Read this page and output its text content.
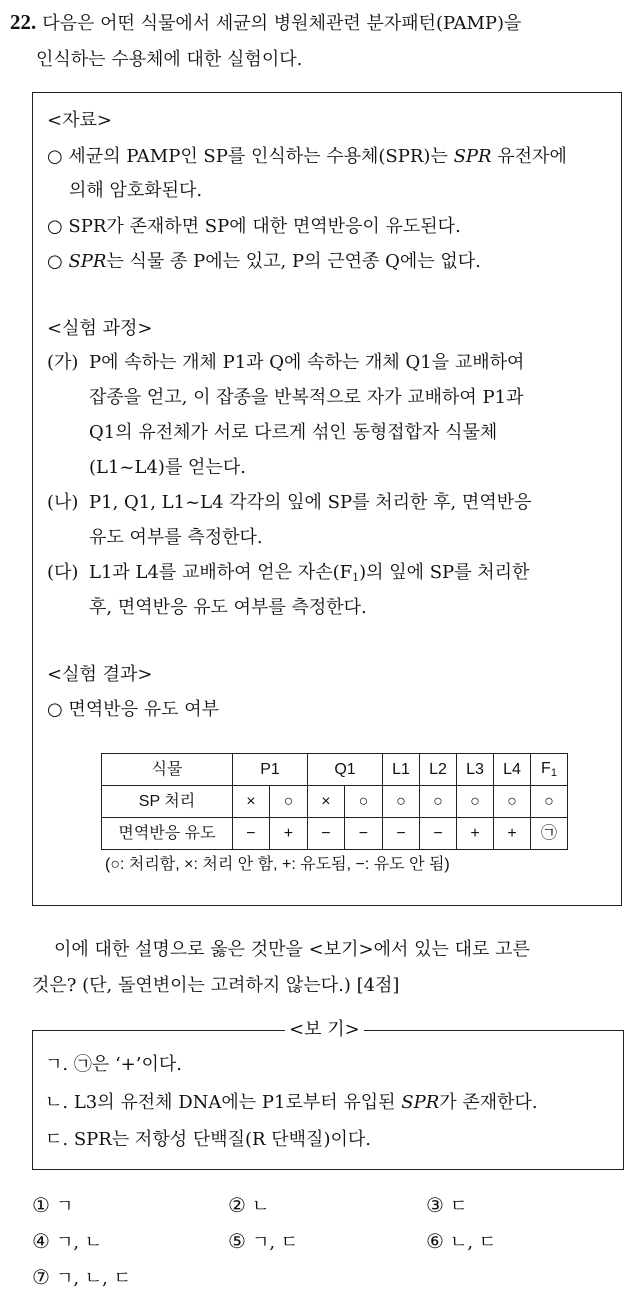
22. 다음은 어떤 식물에서 세균의 병원체관련 분자패턴(PAMP)을
인식하는 수용체에 대한 실험이다.
<자료>
○ 세균의 PAMP인 SP를 인식하는 수용체(SPR)는 SPR 유전자에
의해 암호화된다.
○ SPR가 존재하면 SP에 대한 면역반응이 유도된다.
○ SPR는 식물 종 P에는 있고, P의 근연종 Q에는 없다.
<실험 과정>
(가) P에 속하는 개체 P1과 Q에 속하는 개체 Q1을 교배하여
잡종을 얻고, 이 잡종을 반복적으로 자가 교배하여 P1과
Q1의 유전체가 서로 다르게 섞인 동형접합자 식물체
(L1~L4)를 얻는다.
(나) P1, Q1, L1~L4 각각의 잎에 SP를 처리한 후, 면역반응
유도 여부를 측정한다.
(다) L1과 L4를 교배하여 얻은 자손$(F_1)$의 잎에 SP를 처리한
후, 면역반응 유도 여부를 측정한다.
<실험 결과>
○ 면역반응 유도 여부
식물	P1		Q1		L1	L2	L3	L4	$F_1$
SP 처리	×	○	×	○	○	○	○	○	○
면역반응 유도	−	+	−	−	−	−	+	+	㉠
(○: 처리함, ×: 처리 안 함, +: 유도됨, −: 유도 안 됨)
이에 대한 설명으로 옳은 것만을 <보기>에서 있는 대로 고른
것은? (단, 돌연변이는 고려하지 않는다.) [4점]
<보 기>
ㄱ. ㉠은 ‘+’이다.
ㄴ. L3의 유전체 DNA에는 P1로부터 유입된 SPR가 존재한다.
ㄷ. SPR는 저항성 단백질(R 단백질)이다.
① ㄱ	② ㄴ	③ ㄷ
④ ㄱ, ㄴ	⑤ ㄱ, ㄷ	⑥ ㄴ, ㄷ
⑦ ㄱ, ㄴ, ㄷ
